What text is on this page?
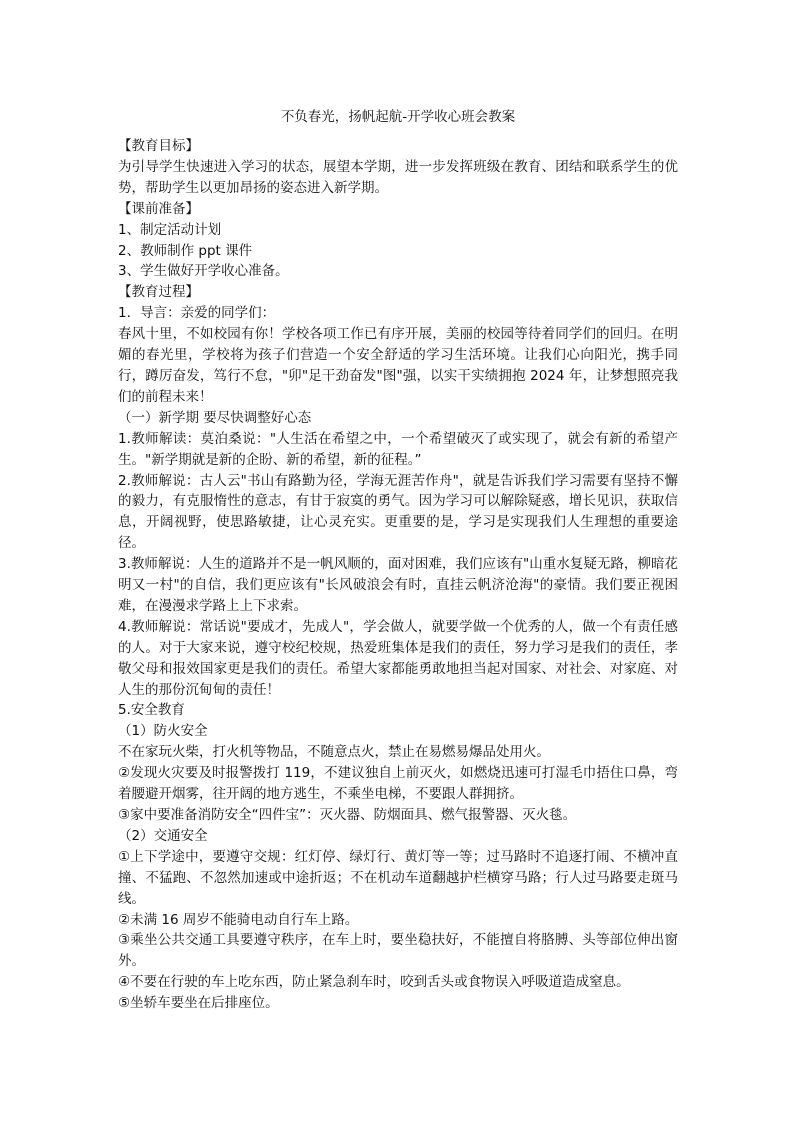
不负春光，扬帆起航-开学收心班会教案

【教育目标】

为引导学生快速进入学习的状态，展望本学期，进一步发挥班级在教育、团结和联系学生的优势，帮助学生以更加昂扬的姿态进入新学期。

【课前准备】

1、制定活动计划

2、教师制作 ppt 课件

3、学生做好开学收心准备。

【教育过程】

1．导言：亲爱的同学们：

春风十里，不如校园有你！学校各项工作已有序开展，美丽的校园等待着同学们的回归。在明媚的春光里，学校将为孩子们营造一个安全舒适的学习生活环境。让我们心向阳光，携手同行，蹲厉奋发，笃行不怠，"卯"足干劲奋发"图"强，以实干实绩拥抱 2024 年，让梦想照亮我们的前程未来！

（一）新学期 要尽快调整好心态

1.教师解读：莫泊桑说："人生活在希望之中，一个希望破灭了或实现了，就会有新的希望产生。"新学期就是新的企盼、新的希望，新的征程。”

2.教师解说：古人云"书山有路勤为径，学海无涯苦作舟"，就是告诉我们学习需要有坚持不懈的毅力，有克服惰性的意志，有甘于寂寞的勇气。因为学习可以解除疑惑，增长见识，获取信息，开阔视野，使思路敏捷，让心灵充实。更重要的是，学习是实现我们人生理想的重要途径。

3.教师解说：人生的道路并不是一帆风顺的，面对困难，我们应该有"山重水复疑无路，柳暗花明又一村"的自信，我们更应该有"长风破浪会有时，直挂云帆济沧海"的豪情。我们要正视困难，在漫漫求学路上上下求索。

4.教师解说：常话说"要成才，先成人"，学会做人，就要学做一个优秀的人，做一个有责任感的人。对于大家来说，遵守校纪校规，热爱班集体是我们的责任，努力学习是我们的责任，孝敬父母和报效国家更是我们的责任。希望大家都能勇敢地担当起对国家、对社会、对家庭、对人生的那份沉甸甸的责任！

5.安全教育

（1）防火安全

不在家玩火柴，打火机等物品，不随意点火，禁止在易燃易爆品处用火。

②发现火灾要及时报警拨打 119，不建议独自上前灭火，如燃烧迅速可打湿毛巾捂住口鼻，弯着腰避开烟雾，往开阔的地方逃生，不乘坐电梯，不要跟人群拥挤。

③家中要准备消防安全“四件宝”：灭火器、防烟面具、燃气报警器、灭火毯。

（2）交通安全

①上下学途中，要遵守交规：红灯停、绿灯行、黄灯等一等；过马路时不追逐打闹、不横冲直撞、不猛跑、不忽然加速或中途折返；不在机动车道翻越护栏横穿马路；行人过马路要走斑马线。

②未满 16 周岁不能骑电动自行车上路。

③乘坐公共交通工具要遵守秩序，在车上时，要坐稳扶好，不能擅自将胳膊、头等部位伸出窗外。

④不要在行驶的车上吃东西，防止紧急刹车时，咬到舌头或食物误入呼吸道造成窒息。

⑤坐轿车要坐在后排座位。
